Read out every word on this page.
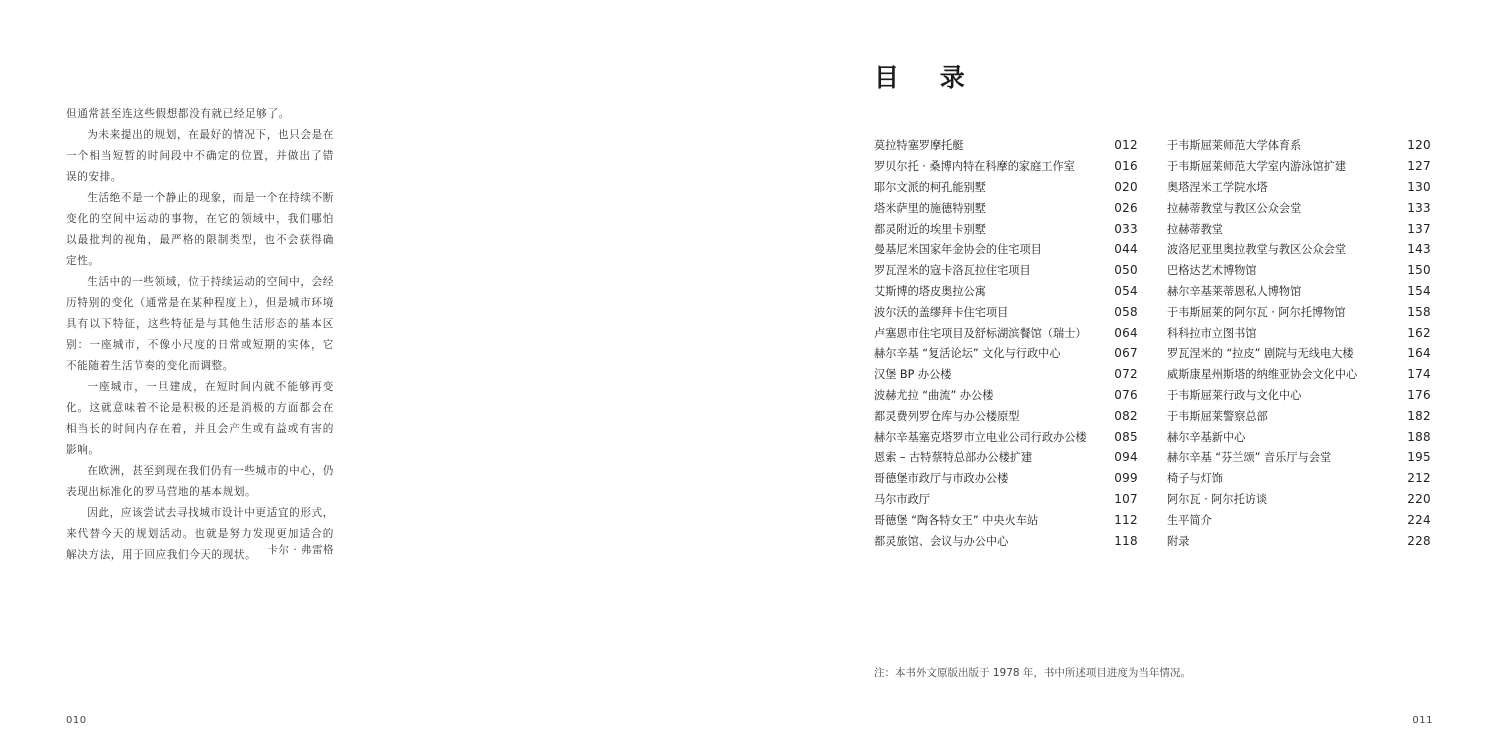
但通常甚至连这些假想都没有就已经足够了。

为未来提出的规划，在最好的情况下，也只会是在一个相当短暂的时间段中不确定的位置，并做出了错误的安排。

生活绝不是一个静止的现象，而是一个在持续不断变化的空间中运动的事物，在它的领域中，我们哪怕以最批判的视角，最严格的限制类型，也不会获得确定性。

生活中的一些领域，位于持续运动的空间中，会经历特别的变化（通常是在某种程度上），但是城市环境具有以下特征，这些特征是与其他生活形态的基本区别：一座城市，不像小尺度的日常或短期的实体，它不能随着生活节奏的变化而调整。

一座城市，一旦建成，在短时间内就不能够再变化。这就意味着不论是积极的还是消极的方面都会在相当长的时间内存在着，并且会产生或有益或有害的影响。

在欧洲，甚至到现在我们仍有一些城市的中心，仍表现出标准化的罗马营地的基本规划。

因此，应该尝试去寻找城市设计中更适宜的形式，来代替今天的规划活动。也就是努力发现更加适合的解决方法，用于回应我们今天的现状。	卡尔 · 弗雷格
010
目 录
莫拉特塞罗摩托艇	012
罗贝尔托 · 桑博内特在科摩的家庭工作室	016
耶尔文派的柯孔能别墅	020
塔米萨里的施德特别墅	026
都灵附近的埃里卡别墅	033
曼基尼米国家年金协会的住宅项目	044
罗瓦涅米的寇卡洛瓦拉住宅项目	050
艾斯博的塔皮奥拉公寓	054
波尔沃的盖缪拜卡住宅项目	058
卢塞恩市住宅项目及舒标湖滨餐馆（瑞士） 064
赫尔辛基 “复活论坛” 文化与行政中心	067
汉堡 BP 办公楼	072
波赫尤拉 “曲流” 办公楼	076
都灵费列罗仓库与办公楼原型	082
赫尔辛基塞克塔罗市立电业公司行政办公楼 085
恩索 – 古特蔡特总部办公楼扩建	094
哥德堡市政厅与市政办公楼	099
马尔市政厅	107
哥德堡 “陶各特女王” 中央火车站	112
都灵旅馆、会议与办公中心	118
于韦斯屈莱师范大学体育系	120
于韦斯屈莱师范大学室内游泳馆扩建	127
奥塔涅米工学院水塔	130
拉赫蒂教堂与教区公众会堂	133
拉赫蒂教堂	137
波洛尼亚里奥拉教堂与教区公众会堂	143
巴格达艺术博物馆	150
赫尔辛基莱蒂恩私人博物馆	154
于韦斯屈莱的阿尔瓦 · 阿尔托博物馆	158
科科拉市立图书馆	162
罗瓦涅米的 “拉皮” 剧院与无线电大楼	164
威斯康星州斯塔的纳维亚协会文化中心	174
于韦斯屈莱行政与文化中心	176
于韦斯屈莱警察总部	182
赫尔辛基新中心	188
赫尔辛基 “芬兰颂” 音乐厅与会堂	195
椅子与灯饰	212
阿尔瓦 · 阿尔托访谈	220
生平简介	224
附录	228
注：本书外文原版出版于 1978 年，书中所述项目进度为当年情况。
011
